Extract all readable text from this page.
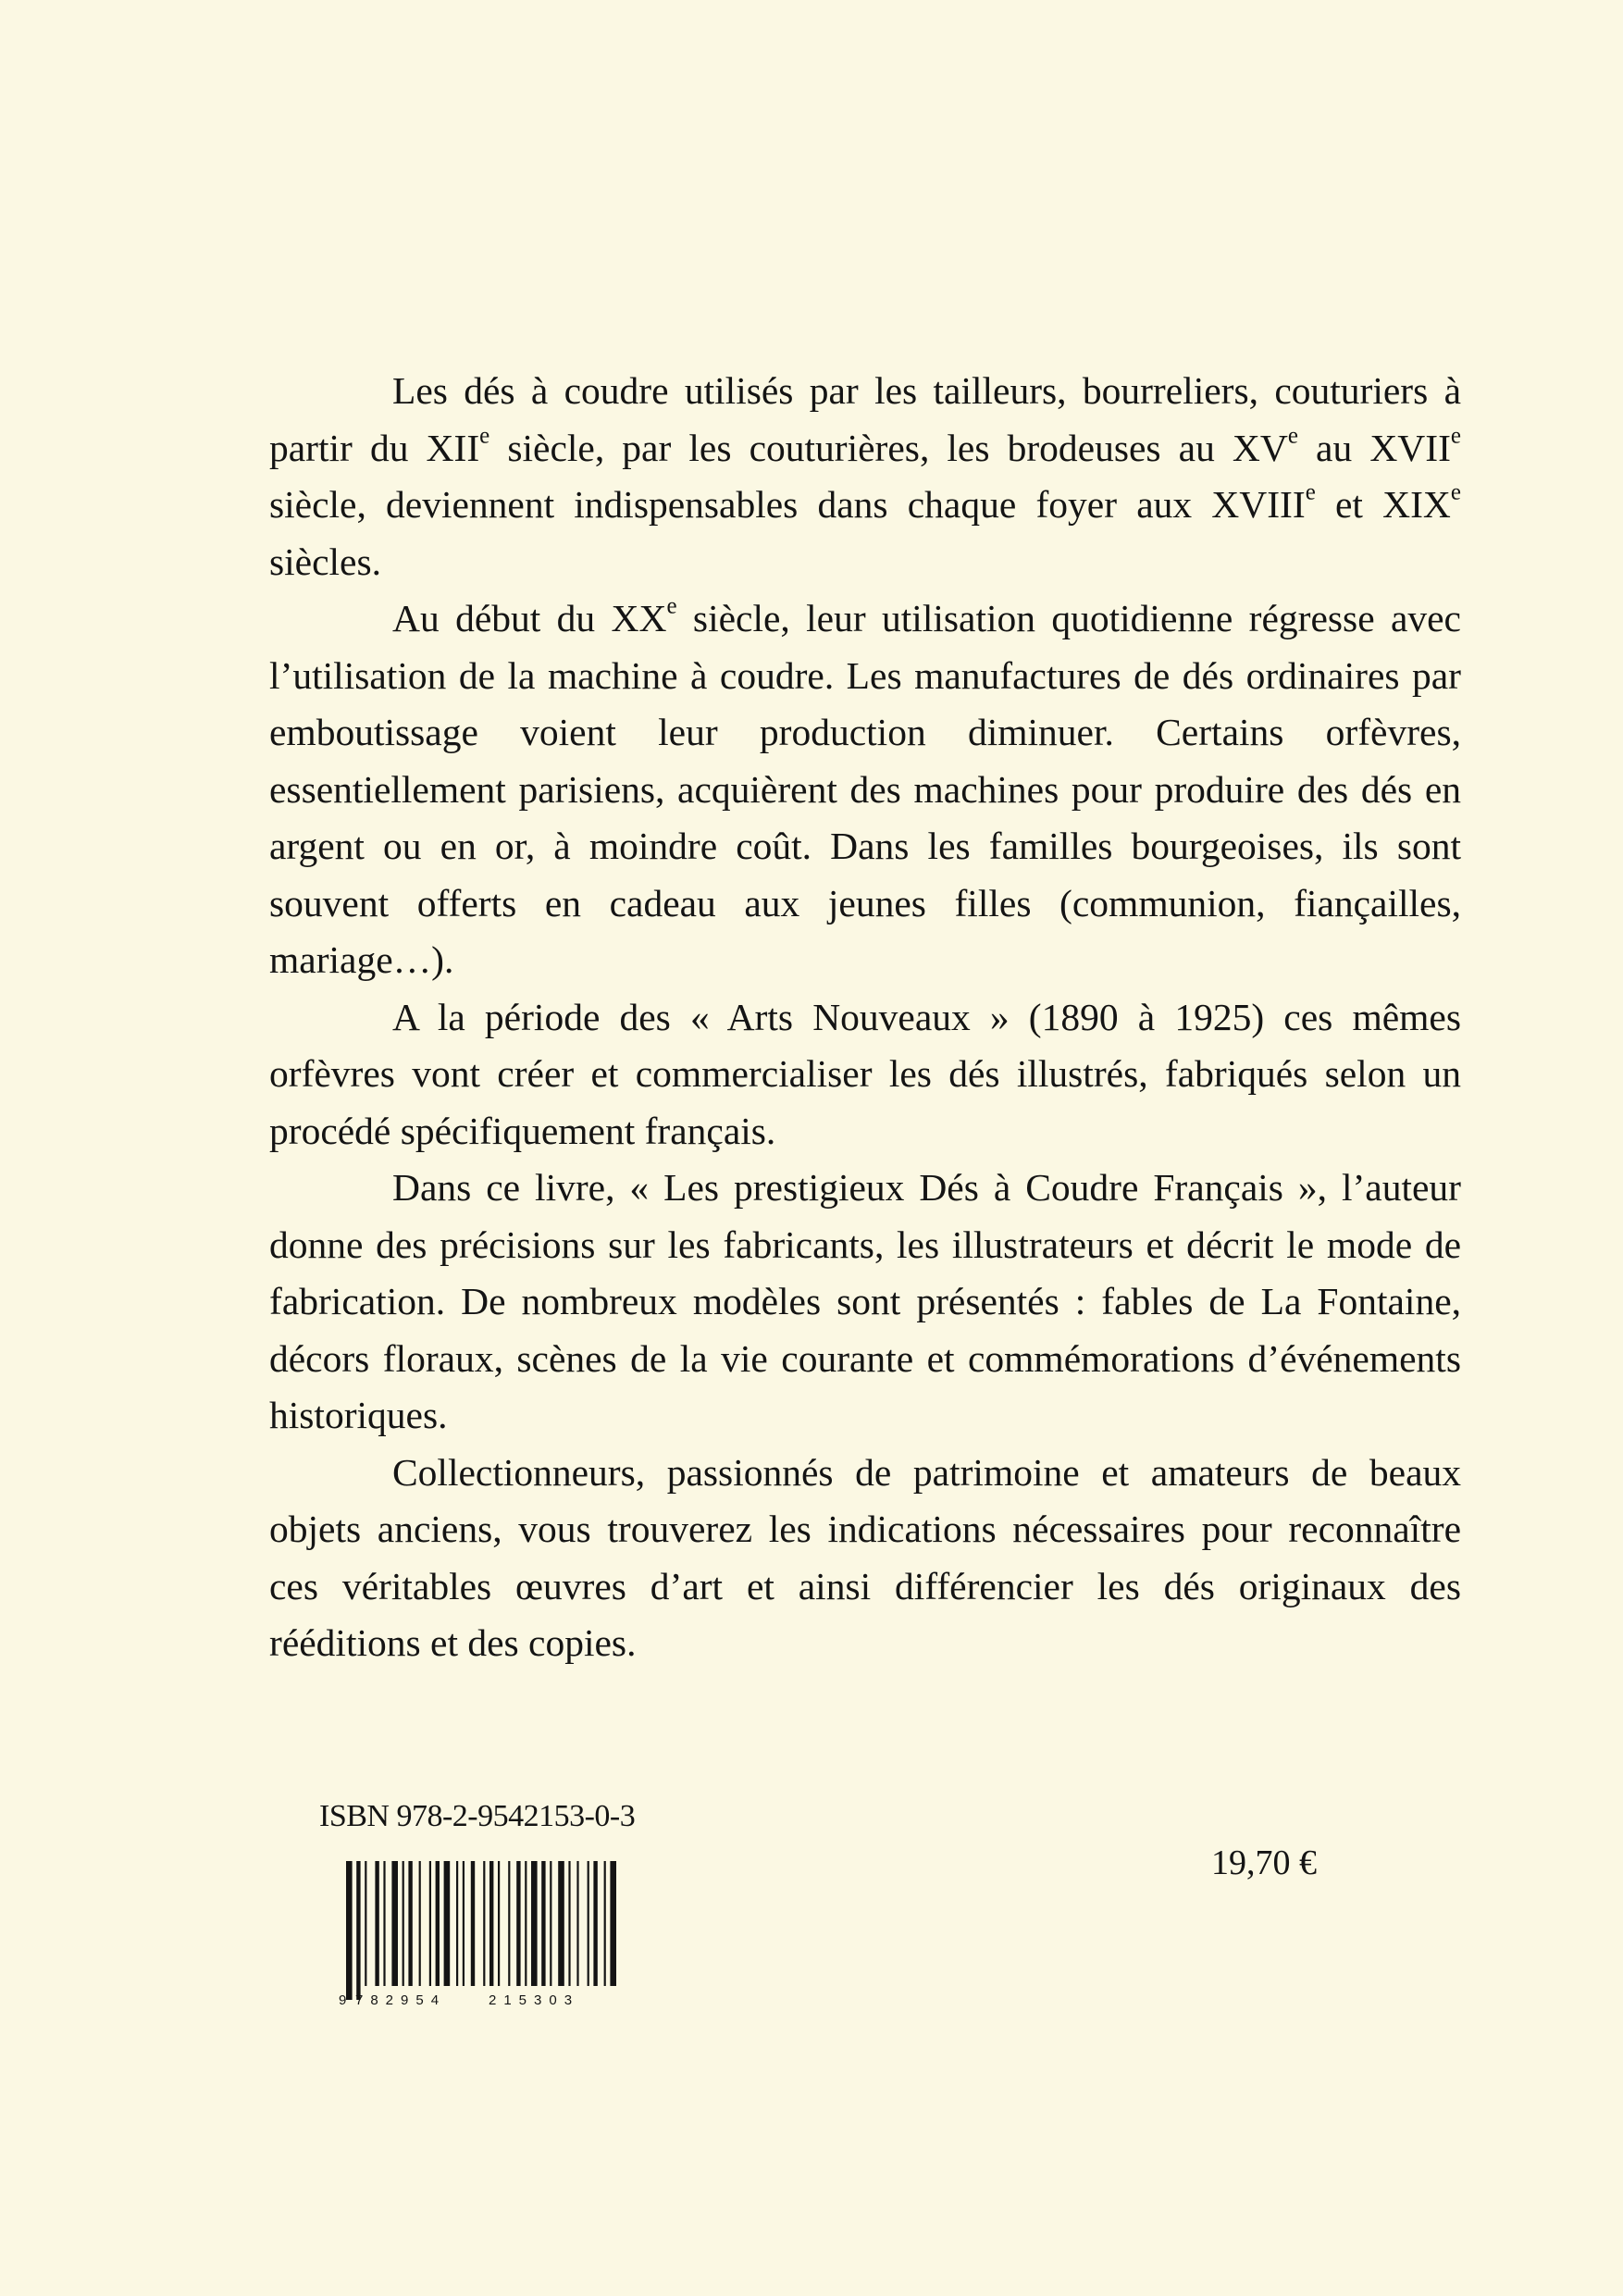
Les dés à coudre utilisés par les tailleurs, bourreliers, couturiers à partir du XIIe siècle, par les couturières, les brodeuses au XVe au XVIIe siècle, deviennent indispensables dans chaque foyer aux XVIIIe et XIXe siècles.

Au début du XXe siècle, leur utilisation quotidienne régresse avec l’utilisation de la machine à coudre. Les manufactures de dés ordinaires par emboutissage voient leur production diminuer. Certains orfèvres, essentiellement parisiens, acquièrent des machines pour produire des dés en argent ou en or, à moindre coût. Dans les familles bourgeoises, ils sont souvent offerts en cadeau aux jeunes filles (communion, fiançailles, mariage…).

A la période des « Arts Nouveaux » (1890 à 1925) ces mêmes orfèvres vont créer et commercialiser les dés illustrés, fabriqués selon un procédé spécifiquement français.

Dans ce livre, « Les prestigieux Dés à Coudre Français », l’auteur donne des précisions sur les fabricants, les illustrateurs et décrit le mode de fabrication. De nombreux modèles sont présentés : fables de La Fontaine, décors floraux, scènes de la vie courante et commémorations d’événements historiques.

Collectionneurs, passionnés de patrimoine et amateurs de beaux objets anciens, vous trouverez les indications nécessaires pour reconnaître ces véritables œuvres d’art et ainsi différencier les dés originaux des rééditions et des copies.

ISBN 978-2-9542153-0-3
9 782954	215303
19,70 €
